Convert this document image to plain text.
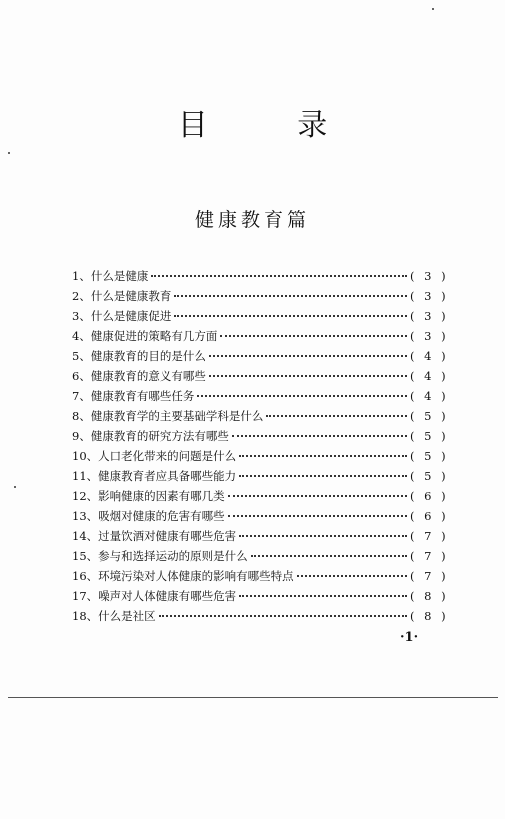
目 录
健康教育篇
1、什么是健康	( 3 )
2、什么是健康教育	( 3 )
3、什么是健康促进	( 3 )
4、健康促进的策略有几方面	( 3 )
5、健康教育的目的是什么	( 4 )
6、健康教育的意义有哪些	( 4 )
7、健康教育有哪些任务	( 4 )
8、健康教育学的主要基础学科是什么	( 5 )
9、健康教育的研究方法有哪些	( 5 )
10、人口老化带来的问题是什么	( 5 )
11、健康教育者应具备哪些能力	( 5 )
12、影响健康的因素有哪几类	( 6 )
13、吸烟对健康的危害有哪些	( 6 )
14、过量饮酒对健康有哪些危害	( 7 )
15、参与和选择运动的原则是什么	( 7 )
16、环境污染对人体健康的影响有哪些特点	( 7 )
17、噪声对人体健康有哪些危害	( 8 )
18、什么是社区	( 8 )
·1·
